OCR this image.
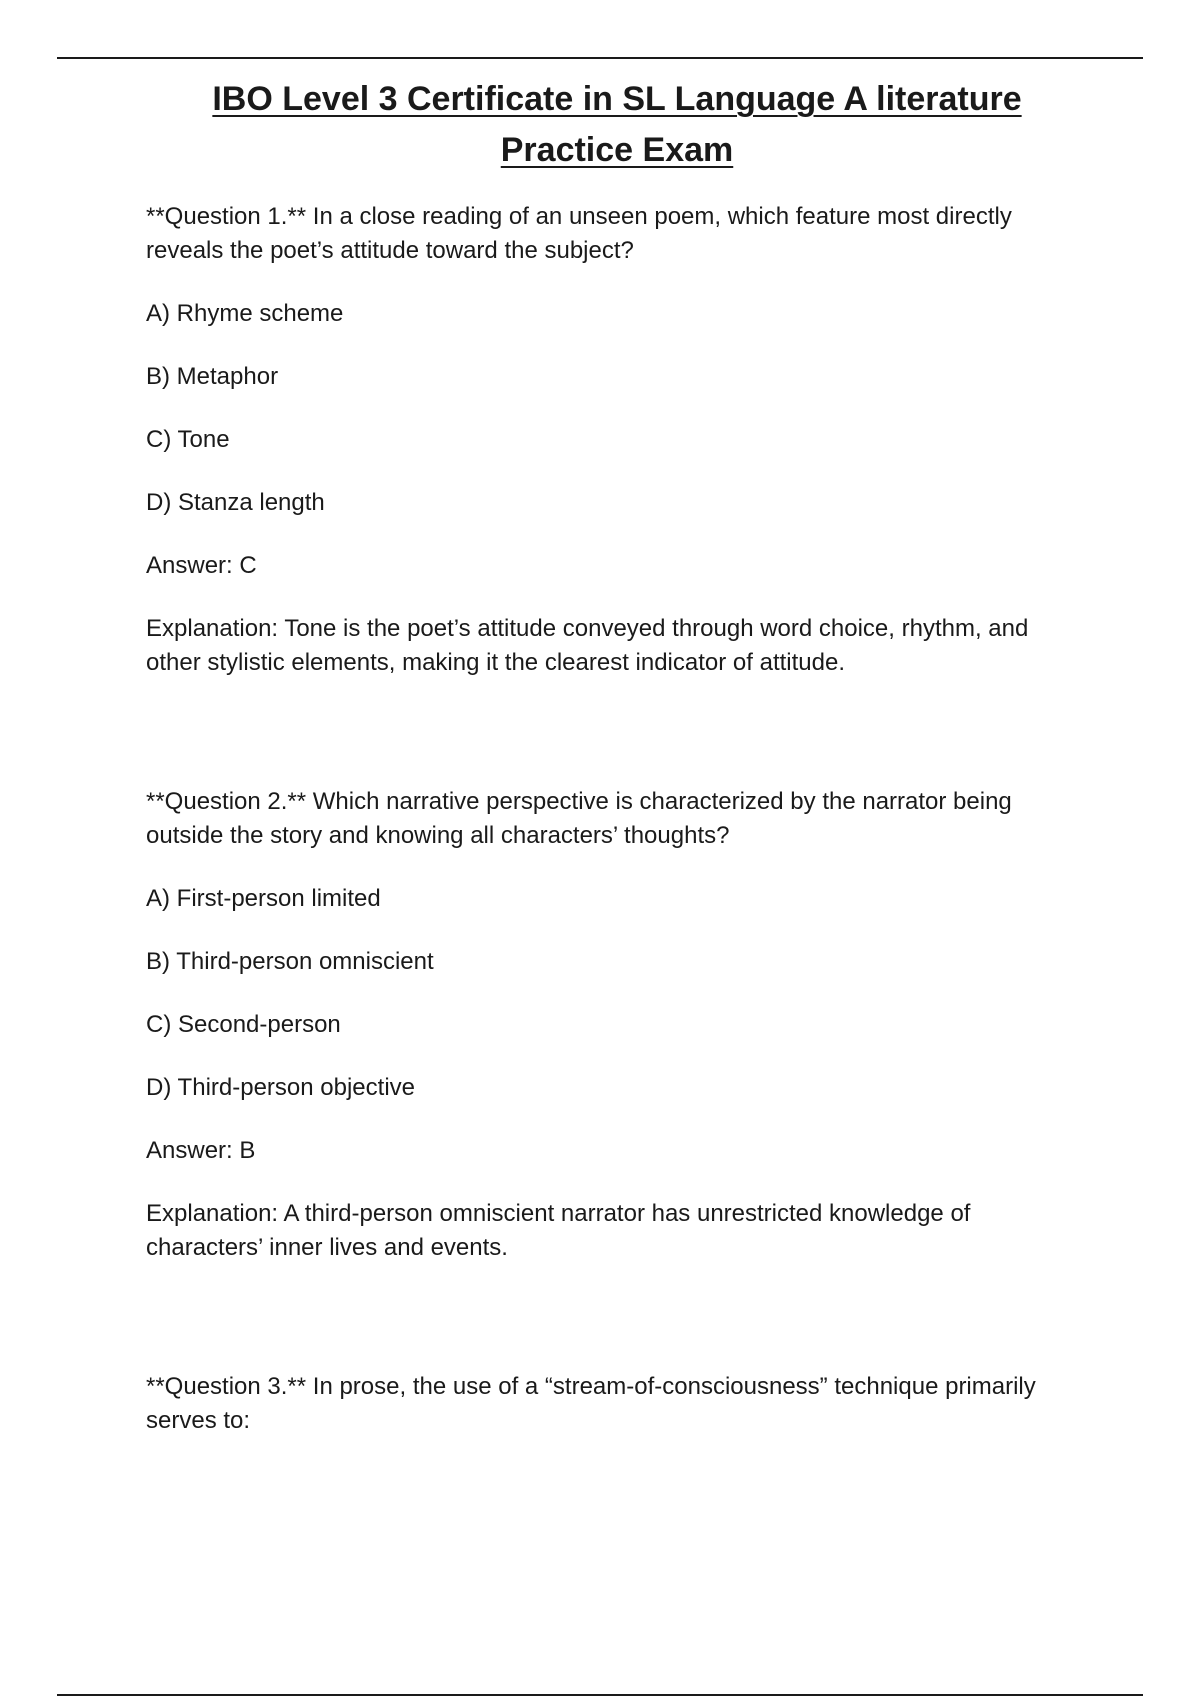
IBO Level 3 Certificate in SL Language A literature
Practice Exam

**Question 1.** In a close reading of an unseen poem, which feature most directly reveals the poet’s attitude toward the subject?

A) Rhyme scheme

B) Metaphor

C) Tone

D) Stanza length

Answer: C

Explanation: Tone is the poet’s attitude conveyed through word choice, rhythm, and other stylistic elements, making it the clearest indicator of attitude.

**Question 2.** Which narrative perspective is characterized by the narrator being outside the story and knowing all characters’ thoughts?

A) First-person limited

B) Third-person omniscient

C) Second-person

D) Third-person objective

Answer: B

Explanation: A third-person omniscient narrator has unrestricted knowledge of characters’ inner lives and events.

**Question 3.** In prose, the use of a “stream-of-consciousness” technique primarily serves to:
